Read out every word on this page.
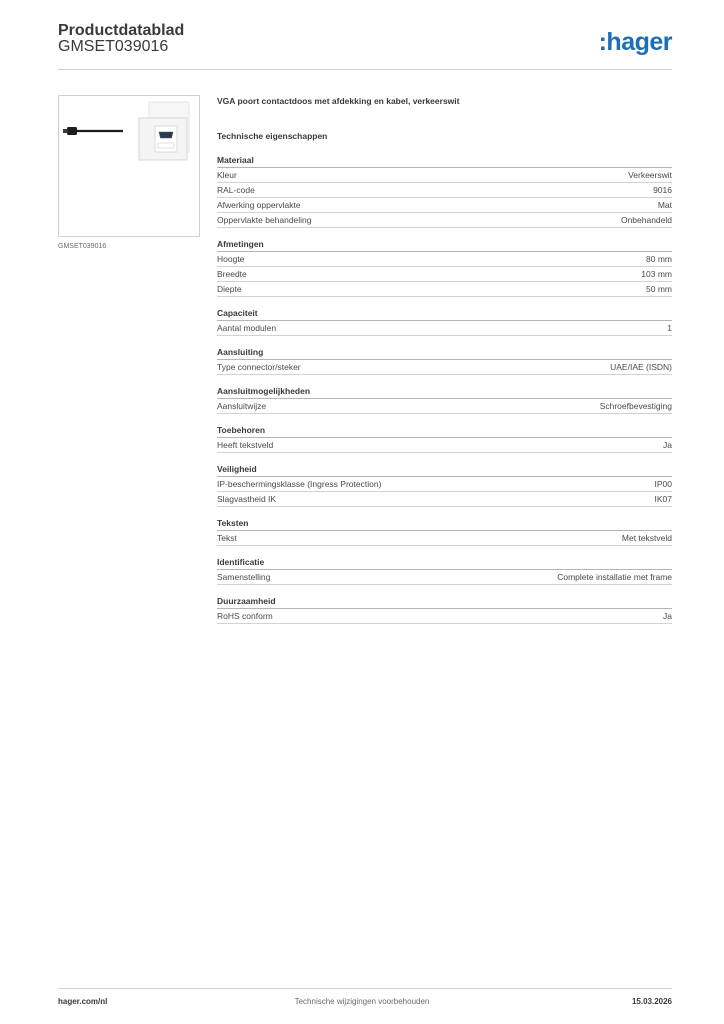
Productdatablad
GMSET039016	:hager
GMSET039016
VGA poort contactdoos met afdekking en kabel, verkeerswit
Technische eigenschappen
Materiaal
Kleur	Verkeerswit
RAL-code	9016
Afwerking oppervlakte	Mat
Oppervlakte behandeling	Onbehandeld
Afmetingen
Hoogte	80 mm
Breedte	103 mm
Diepte	50 mm
Capaciteit
Aantal modulen	1
Aansluiting
Type connector/steker	UAE/IAE (ISDN)
Aansluitmogelijkheden
Aansluitwijze	Schroefbevestiging
Toebehoren
Heeft tekstveld	Ja
Veiligheid
IP-beschermingsklasse (Ingress Protection)	IP00
Slagvastheid IK	IK07
Teksten
Tekst	Met tekstveld
Identificatie
Samenstelling	Complete installatie met frame
Duurzaamheid
RoHS conform	Ja
hager.com/nl	Technische wijzigingen voorbehouden	15.03.2026
